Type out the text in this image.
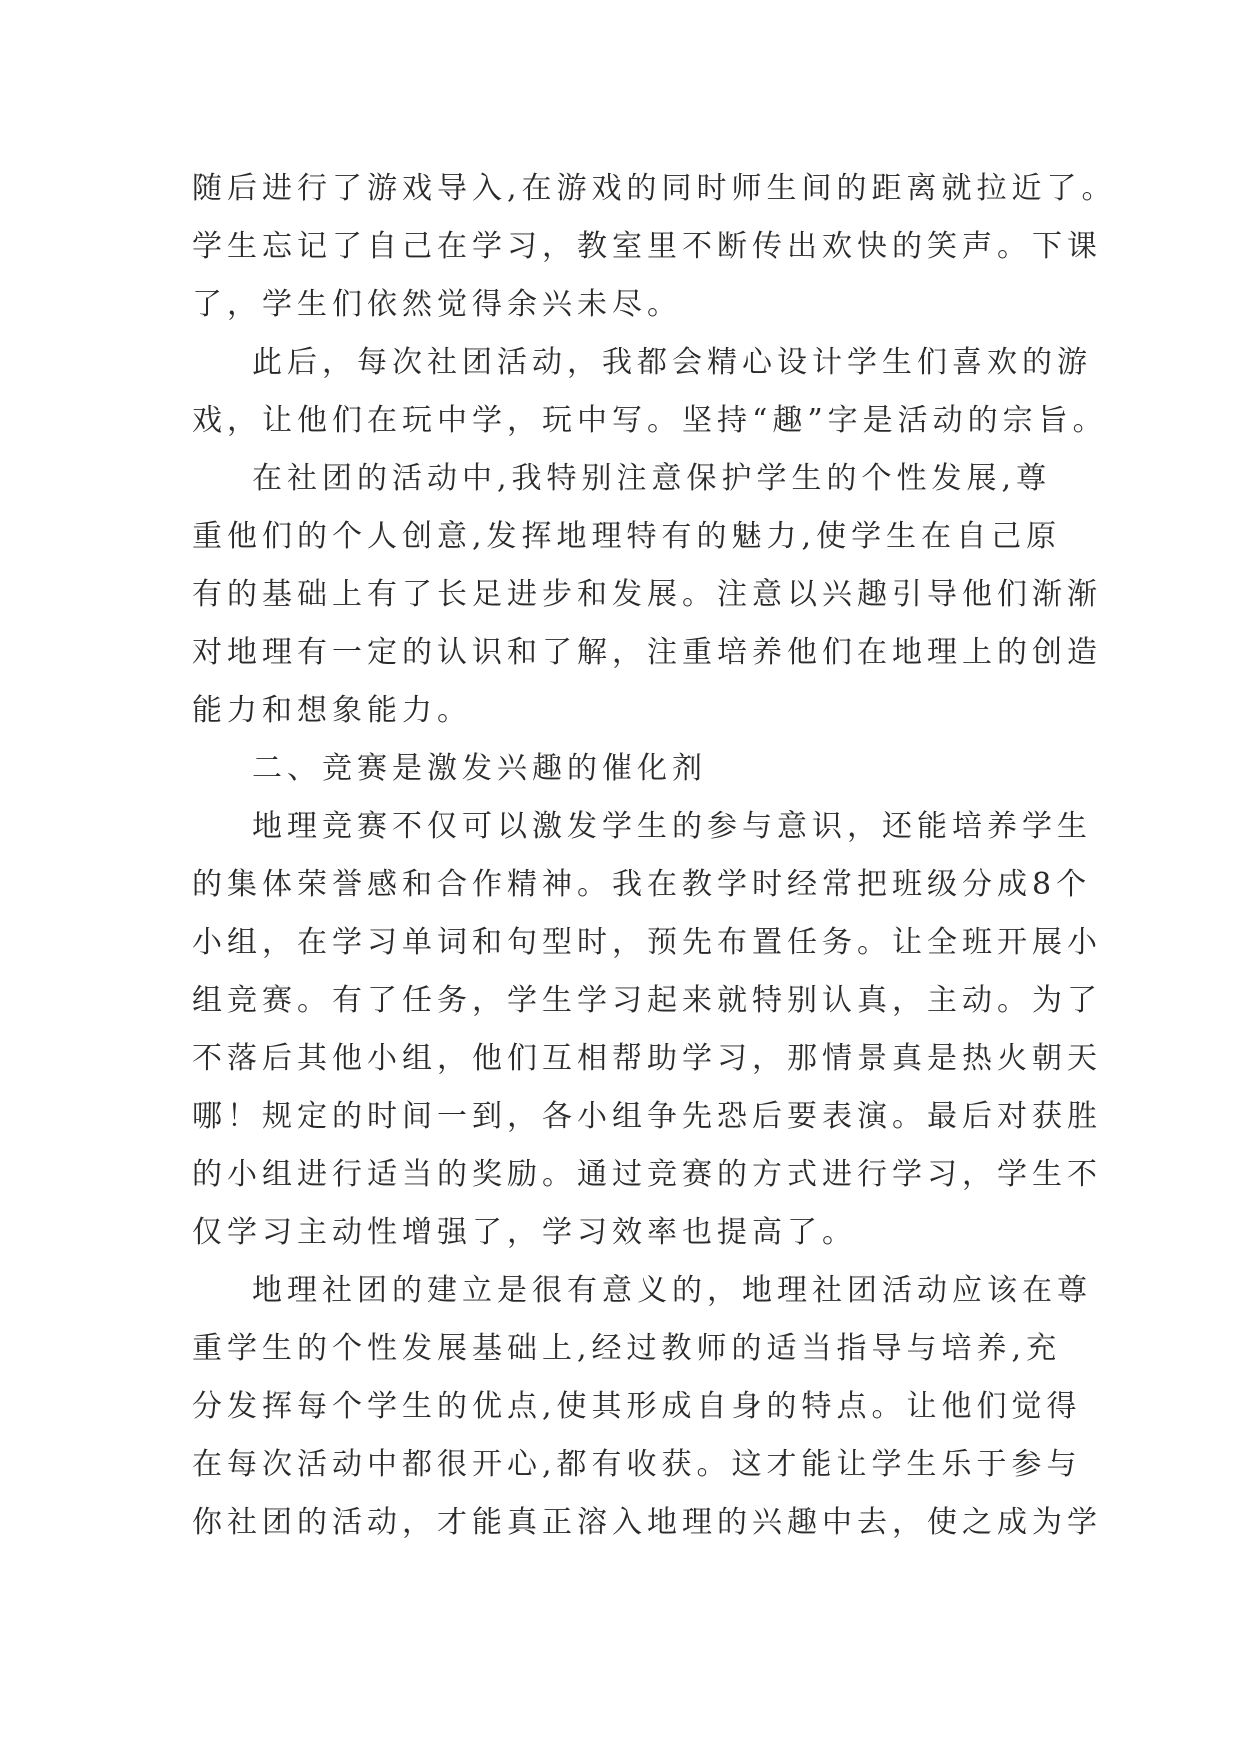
随后进行了游戏导入,在游戏的同时师生间的距离就拉近了。
学生忘记了自己在学习，教室里不断传出欢快的笑声。下课
了，学生们依然觉得余兴未尽。
此后，每次社团活动，我都会精心设计学生们喜欢的游
戏，让他们在玩中学，玩中写。坚持“趣”字是活动的宗旨。
在社团的活动中,我特别注意保护学生的个性发展,尊
重他们的个人创意,发挥地理特有的魅力,使学生在自己原
有的基础上有了长足进步和发展。注意以兴趣引导他们渐渐
对地理有一定的认识和了解，注重培养他们在地理上的创造
能力和想象能力。
二、竞赛是激发兴趣的催化剂
地理竞赛不仅可以激发学生的参与意识，还能培养学生
的集体荣誉感和合作精神。我在教学时经常把班级分成8个
小组，在学习单词和句型时，预先布置任务。让全班开展小
组竞赛。有了任务，学生学习起来就特别认真，主动。为了
不落后其他小组，他们互相帮助学习，那情景真是热火朝天
哪！规定的时间一到，各小组争先恐后要表演。最后对获胜
的小组进行适当的奖励。通过竞赛的方式进行学习，学生不
仅学习主动性增强了，学习效率也提高了。
地理社团的建立是很有意义的，地理社团活动应该在尊
重学生的个性发展基础上,经过教师的适当指导与培养,充
分发挥每个学生的优点,使其形成自身的特点。让他们觉得
在每次活动中都很开心,都有收获。这才能让学生乐于参与
你社团的活动，才能真正溶入地理的兴趣中去，使之成为学
